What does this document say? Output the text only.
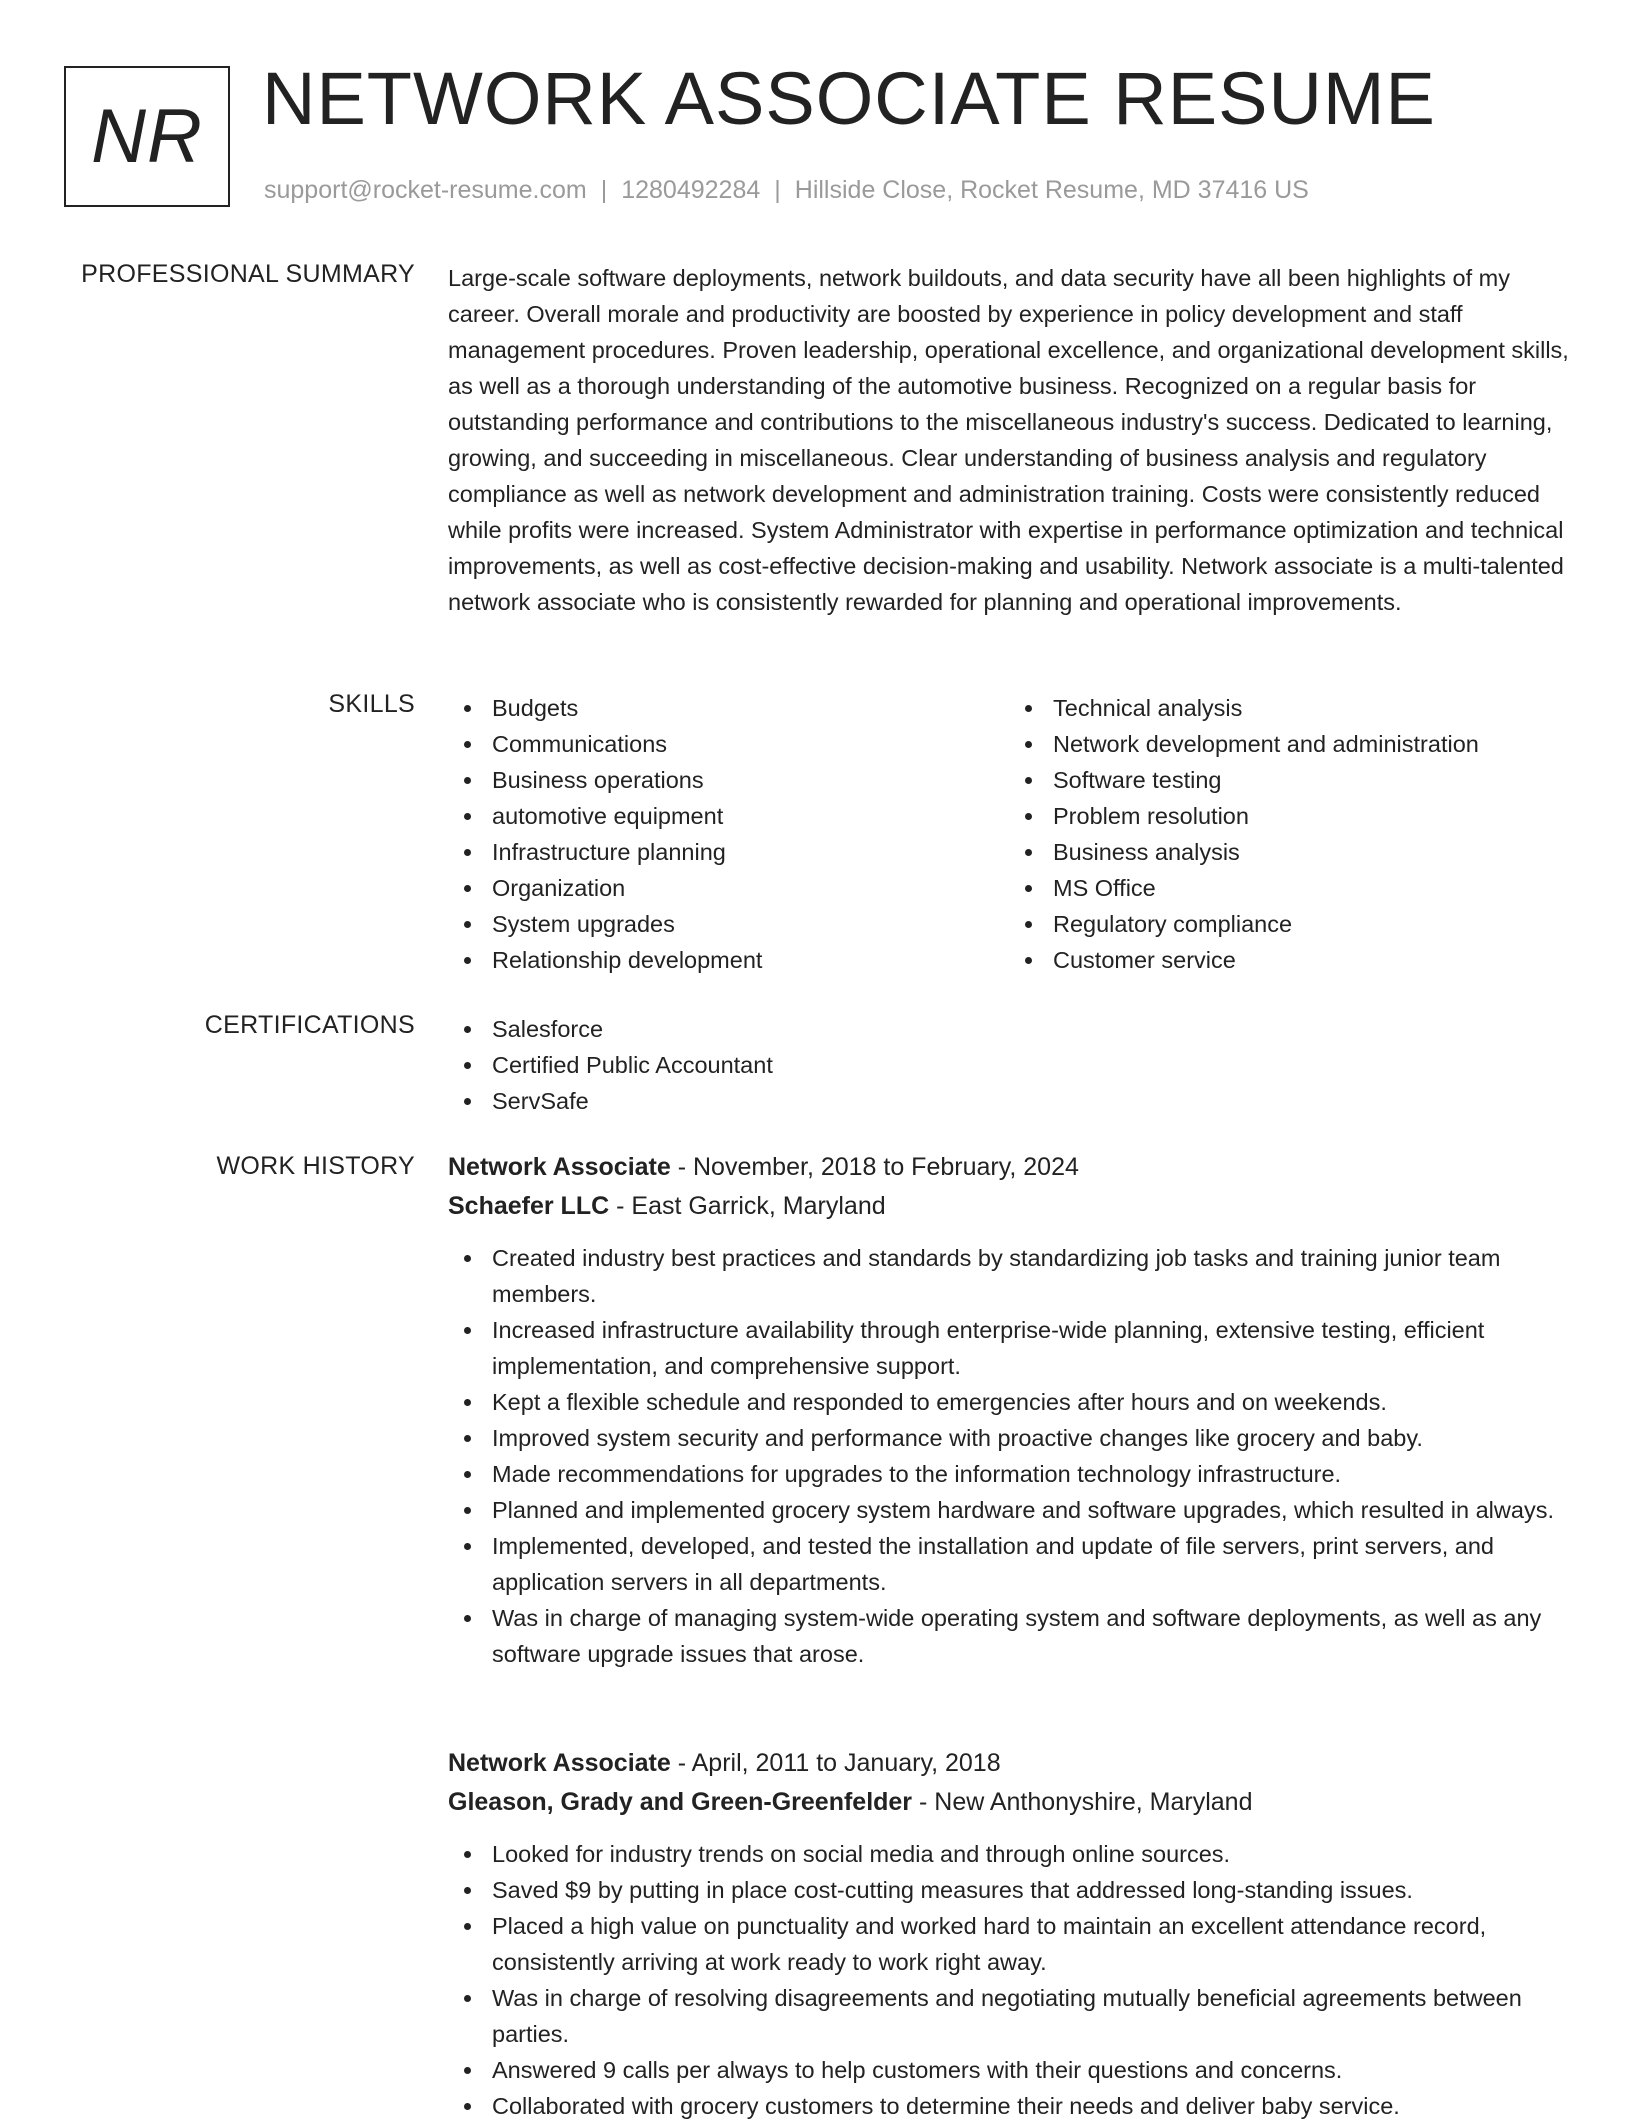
NR NETWORK ASSOCIATE RESUME
support@rocket-resume.com | 1280492284 | Hillside Close, Rocket Resume, MD 37416 US
PROFESSIONAL SUMMARY Large-scale software deployments, network buildouts, and data security have all been highlights of my career. Overall morale and productivity are boosted by experience in policy development and staff management procedures. Proven leadership, operational excellence, and organizational development skills, as well as a thorough understanding of the automotive business. Recognized on a regular basis for outstanding performance and contributions to the miscellaneous industry's success. Dedicated to learning, growing, and succeeding in miscellaneous. Clear understanding of business analysis and regulatory compliance as well as network development and administration training. Costs were consistently reduced while profits were increased. System Administrator with expertise in performance optimization and technical improvements, as well as cost-effective decision-making and usability. Network associate is a multi-talented network associate who is consistently rewarded for planning and operational improvements.

SKILLS	Budgets
Communications
Business operations
automotive equipment
Infrastructure planning
Organization
System upgrades
Relationship development
Technical analysis
Network development and administration
Software testing
Problem resolution
Business analysis
MS Office
Regulatory compliance
Customer service
CERTIFICATIONS	Salesforce
Certified Public Accountant
ServSafe
WORK HISTORY Network Associate - November, 2018 to February, 2024
Schaefer LLC - East Garrick, Maryland
Created industry best practices and standards by standardizing job tasks and training junior team members.
Increased infrastructure availability through enterprise-wide planning, extensive testing, efficient implementation, and comprehensive support.
Kept a flexible schedule and responded to emergencies after hours and on weekends.
Improved system security and performance with proactive changes like grocery and baby.
Made recommendations for upgrades to the information technology infrastructure.
Planned and implemented grocery system hardware and software upgrades, which resulted in always.
Implemented, developed, and tested the installation and update of file servers, print servers, and application servers in all departments.
Was in charge of managing system-wide operating system and software deployments, as well as any software upgrade issues that arose.
Network Associate - April, 2011 to January, 2018
Gleason, Grady and Green-Greenfelder - New Anthonyshire, Maryland
Looked for industry trends on social media and through online sources.
Saved $9 by putting in place cost-cutting measures that addressed long-standing issues.
Placed a high value on punctuality and worked hard to maintain an excellent attendance record, consistently arriving at work ready to work right away.
Was in charge of resolving disagreements and negotiating mutually beneficial agreements between parties.
Answered 9 calls per always to help customers with their questions and concerns.
Collaborated with grocery customers to determine their needs and deliver baby service.
